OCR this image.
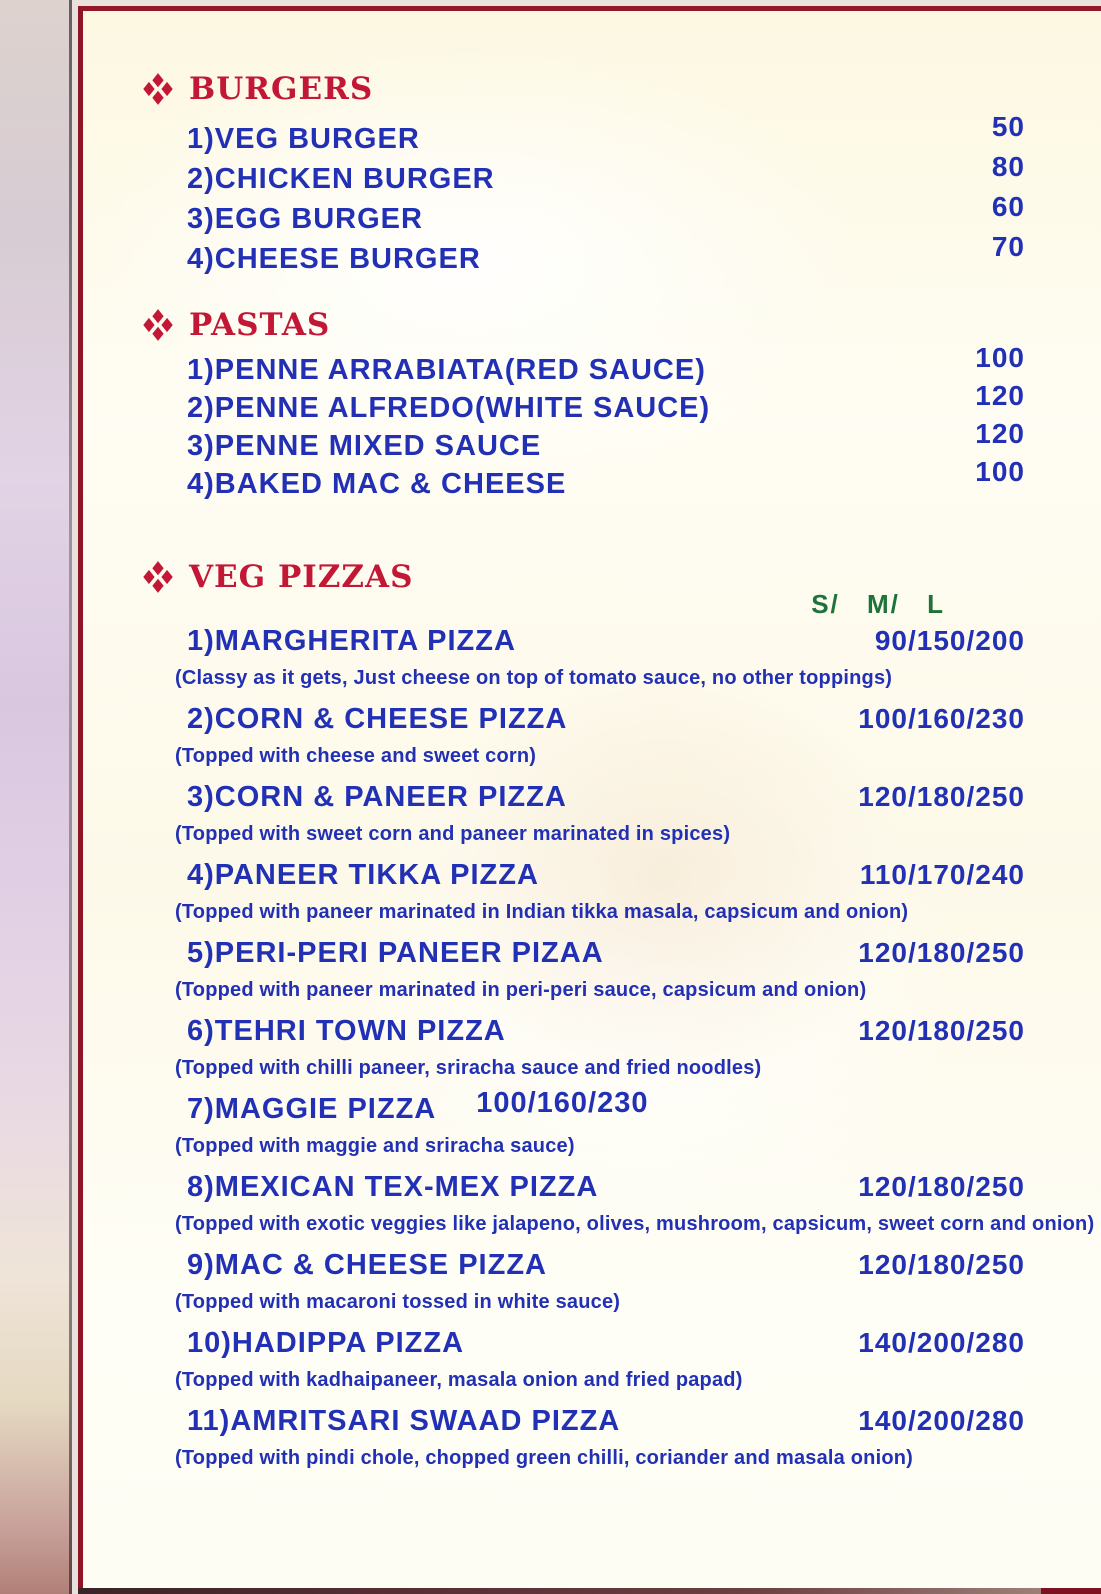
BURGERS
1)VEG BURGER	50
2)CHICKEN BURGER	80
3)EGG BURGER	60
4)CHEESE BURGER	70
PASTAS
1)PENNE ARRABIATA(RED SAUCE)	100
2)PENNE ALFREDO(WHITE SAUCE)	120
3)PENNE MIXED SAUCE	120
4)BAKED MAC & CHEESE	100
VEG PIZZAS
S/ M/ L
1)MARGHERITA PIZZA	90/150/200
(Classy as it gets, Just cheese on top of tomato sauce, no other toppings)
2)CORN & CHEESE PIZZA	100/160/230
(Topped with cheese and sweet corn)
3)CORN & PANEER PIZZA	120/180/250
(Topped with sweet corn and paneer marinated in spices)
4)PANEER TIKKA PIZZA	110/170/240
(Topped with paneer marinated in Indian tikka masala, capsicum and onion)
5)PERI-PERI PANEER PIZAA	120/180/250
(Topped with paneer marinated in peri-peri sauce, capsicum and onion)
6)TEHRI TOWN PIZZA	120/180/250
(Topped with chilli paneer, sriracha sauce and fried noodles)
7)MAGGIE PIZZA 100/160/230
(Topped with maggie and sriracha sauce)
8)MEXICAN TEX-MEX PIZZA	120/180/250
(Topped with exotic veggies like jalapeno, olives, mushroom, capsicum, sweet corn and onion)
9)MAC & CHEESE PIZZA	120/180/250
(Topped with macaroni tossed in white sauce)
10)HADIPPA PIZZA	140/200/280
(Topped with kadhaipaneer, masala onion and fried papad)
11)AMRITSARI SWAAD PIZZA	140/200/280
(Topped with pindi chole, chopped green chilli, coriander and masala onion)
